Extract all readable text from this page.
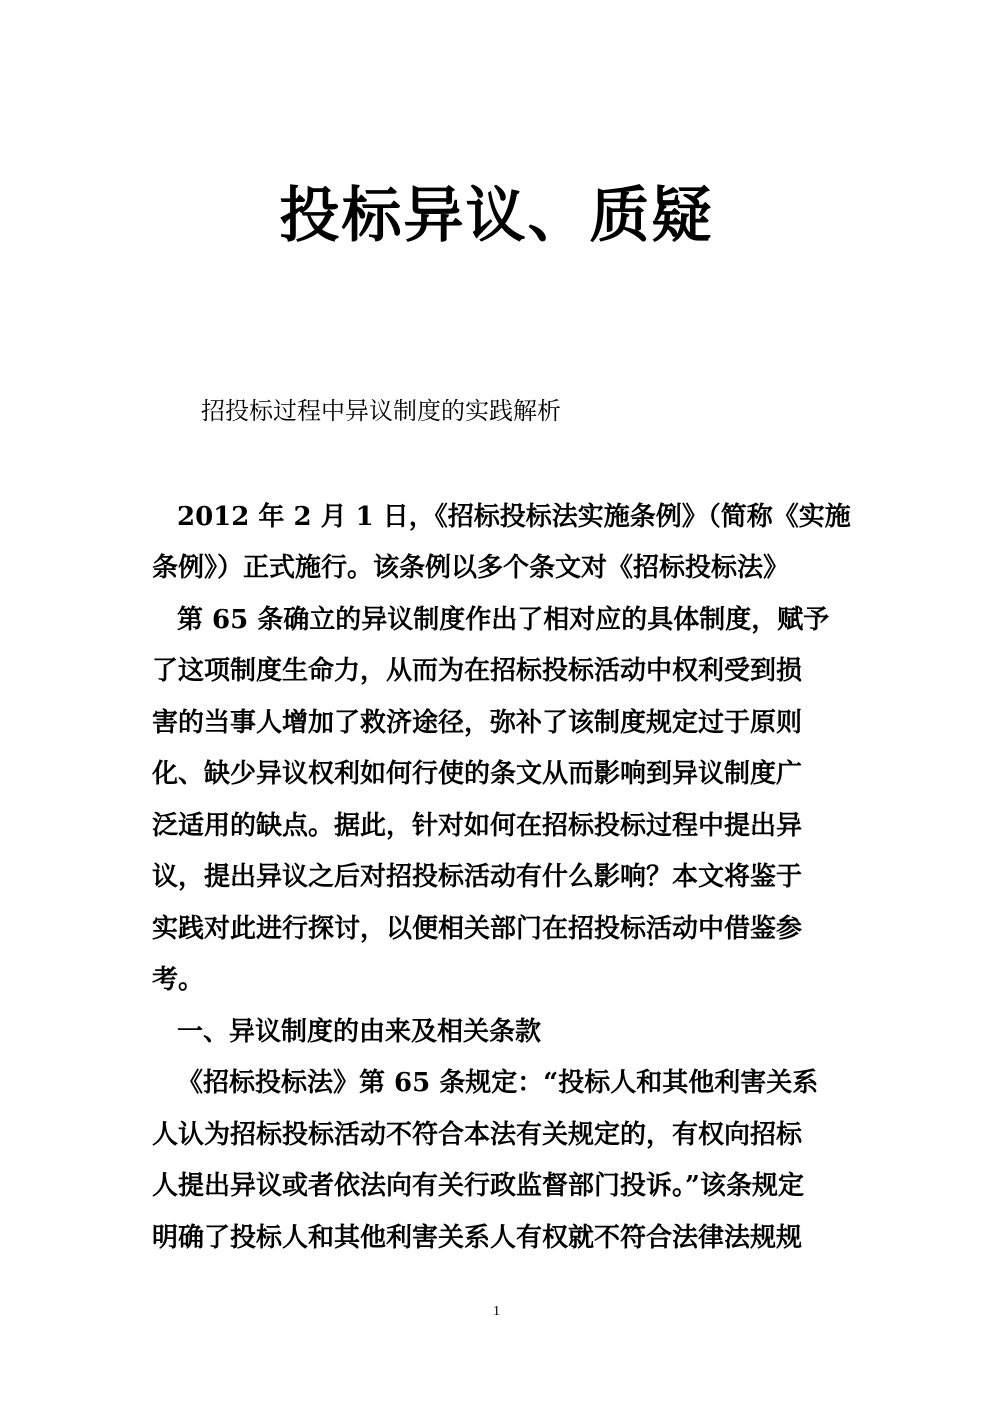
投标异议、质疑
招投标过程中异议制度的实践解析
2012 年 2 月 1 日，《招标投标法实施条例》（简称《实施
条例》）正式施行。该条例以多个条文对《招标投标法》
第 65 条确立的异议制度作出了相对应的具体制度，赋予
了这项制度生命力，从而为在招标投标活动中权利受到损
害的当事人增加了救济途径，弥补了该制度规定过于原则
化、缺少异议权利如何行使的条文从而影响到异议制度广
泛适用的缺点。据此，针对如何在招标投标过程中提出异
议，提出异议之后对招投标活动有什么影响？本文将鉴于
实践对此进行探讨，以便相关部门在招投标活动中借鉴参
考。
一、异议制度的由来及相关条款
《招标投标法》第 65 条规定：“投标人和其他利害关系
人认为招标投标活动不符合本法有关规定的，有权向招标
人提出异议或者依法向有关行政监督部门投诉。”该条规定
明确了投标人和其他利害关系人有权就不符合法律法规规
1
